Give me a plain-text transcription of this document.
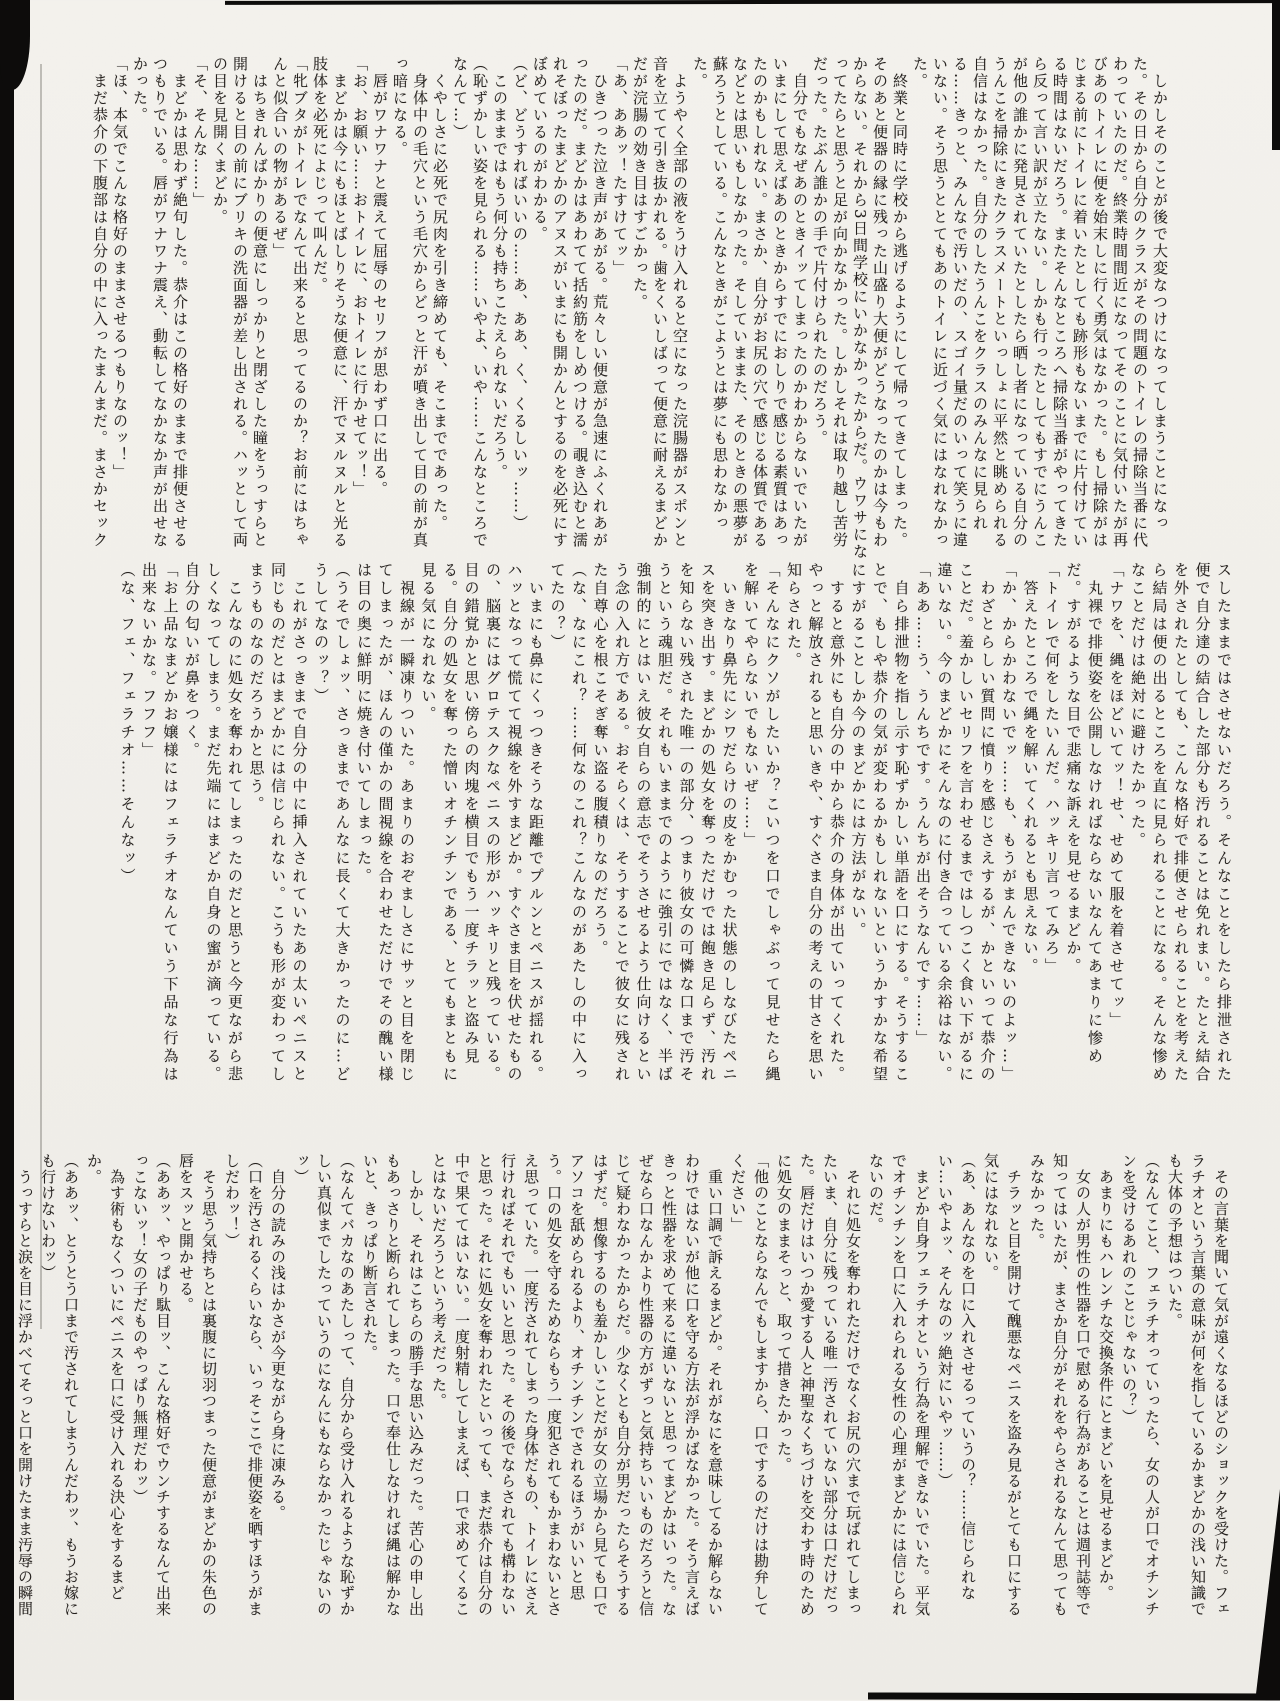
　しかしそのことが後で大変なつけになってしまうことになった。その日から自分のクラスがその問題のトイレの掃除当番に代わっていたのだ。終業時間間近になってそのことに気付いたが再びあのトイレに便を始末しに行く勇気はなかった。もし掃除がはじまる前にトイレに着いたとしても跡形もないまでに片付けている時間はないだろう。またそんなところへ掃除当番がやってきたら反って言い訳が立たない。しかも行ったとしてもすでにうんこが他の誰かに発見されていたとしたら晒し者になっている自分のうんこを掃除にきたクラスメートといっしょに平然と眺められる自信はなかった。自分のしたうんこをクラスのみんなに見られる……きっと、みんなで汚いだの、スゴイ量だのいって笑うに違いない。そう思うととてもあのトイレに近づく気にはなれなかった。

　終業と同時に学校から逃げるようにして帰ってきてしまった。そのあと便器の縁に残った山盛り大便がどうなったのかは今もわからない。それから3日間学校にいかなかったからだ。ウワサになってたらと思うと足が向かなかった。しかしそれは取り越し苦労だった。たぶん誰かの手で片付けられたのだろう。

　自分でもなぜあのときイッてしまったのかわからないでいたがいまにして思えばあのときからすでにおしりで感じる素質はあったのかもしれない。まさか、自分がお尻の穴で感じる体質であるなどとは思いもしなかった。そしていままた、そのときの悪夢が蘇ろうとしている。こんなときがこようとは夢にも思わなかった。

　ようやく全部の液をうけ入れると空になった浣腸器がスポンと音を立てて引き抜かれる。歯をくいしばって便意に耐えるまどかだが浣腸の効き目はすごかった。

「あ、ああッ！たすけてッ」

　ひきつった泣き声があがる。荒々しい便意が急速にふくれあがったのだ。まどかはあわてて括約筋をしめつける。覗き込むと濡れそぼったまどかのアヌスがいまにも開かんとするのを必死にすぼめているのがわかる。

（ど、どうすればいいの……あ、ああ、く、くるしいッ……）

　このままではもう何分も持ちこたえられないだろう。

（恥ずかしい姿を見られる……いやよ、いや……こんなところでなんて…）

　くやしさに必死で尻肉を引き締めても、そこまでであった。

　身体中の毛穴という毛穴からどっと汗が噴き出して目の前が真っ暗になる。

　唇がワナワナと震えて屈辱のセリフが思わず口に出る。

「お、お願い……おトイレに、おトイレに行かせてッ！」

　まどかは今にもほとばしりそうな便意に、汗でヌルヌルと光る肢体を必死によじって叫んだ。

「牝ブタがトイレでなんて出来ると思ってるのか？お前にはちゃんと似合いの物があるぜ」

　はちきれんばかりの便意にしっかりと閉ざした瞳をうっすらと開けると目の前にブリキの洗面器が差し出される。ハッとして両の目を見開くまどか。

「そ、そんな……」

　まどかは思わず絶句した。恭介はこの格好のままで排便させるつもりでいる。唇がワナワナ震え、動転してなかなか声が出せなかった。

「ほ、本気でこんな格好のままさせるつもりなのッ！」

　まだ恭介の下腹部は自分の中に入ったまんまだ。まさかセック

スしたままではさせないだろう。そんなことをしたら排泄された便で自分達の結合した部分も汚れることは免れまい。たとえ結合を外されたとしても、こんな格好で排便させられることを考えたら結局は便の出るところを直に見られることになる。そんな惨めなことだけは絶対に避けたかった。

「ナワを、縄をほどいてッ！せ、せめて服を着させてッ」

　丸裸で排便姿を公開しなければならないなんてあまりに惨めだ。すがるような目で悲痛な訴えを見せるまどか。

「トイレで何をしたいんだ。ハッキリ言ってみろ」

　答えたところで縄を解いてくれるとも思えない。

「か、からかわないでッ……も、もうがまんできないのよッ…」

　わざとらしい質問に憤りを感じさえするが、かといって恭介のことだ。羞かしいセリフを言わせるまではしつこく食い下がるに違いない。今のまどかにそんなのに付き合っている余裕はない。

「ああ……う、うんちです。うんちが出そうなんです……」

　自ら排泄物を指し示す恥ずかしい単語を口にする。そうすることで、もしや恭介の気が変わるかもしれないというかすかな希望にすがることしか今のまどかには方法がない。

　すると意外にも自分の中から恭介の身体が出ていってくれた。やっと解放されると思いきや、すぐさま自分の考えの甘さを思い知らされた。

「そんなにクソがしたいか？こいつを口でしゃぶって見せたら縄を解いてやらないでもないぜ……」

　いきなり鼻先にシワだらけの皮をかむった状態のしなびたペニスを突き出す。まどかの処女を奪っただけでは飽き足らず、汚れを知らない残された唯一の部分、つまり彼女の可憐な口まで汚そうという魂胆だ。それもいままでのように強引にではなく、半ば強制的にとはいえ彼女自らの意志でそうさせるよう仕向けるという念の入れ方である。おそらくは、そうすることで彼女に残された自尊心を根こそぎ奪い盗る腹積りなのだろう。

（な、なにこれ？……何なのこれ？こんなのがあたしの中に入ってたの？）

　いまにも鼻にくっつきそうな距離でプルンとペニスが揺れる。ハッとなって慌てて視線を外すまどか。すぐさま目を伏せたものの、脳裏にはグロテスクなペニスの形がハッキリと残っている。目の錯覚かと思い傍らの肉塊を横目でもう一度チラッと盗み見る。自分の処女を奪った憎いオチンチンである、とてもまともに見る気になれない。

　視線が一瞬凍りついた。あまりのおぞましさにサッと目を閉じてしまったが、ほんの僅かの間視線を合わせただけでその醜い様は目の奥に鮮明に焼き付いてしまった。

（うそでしょッ、さっきまであんなに長くて大きかったのに…どうしてなのッ？）

　これがさっきまで自分の中に挿入されていたあの太いペニスと同じものだとはまどかには信じられない。こうも形が変わってしまうものなのだろうかと思う。

　こんなのに処女を奪われてしまったのだと思うと今更ながら悲しくなってしまう。まだ先端にはまどか自身の蜜が滴っている。自分の匂いが鼻をつく。

「お上品なまどかお嬢様にはフェラチオなんていう下品な行為は出来ないかな。フフフ」

（な、フェ、フェラチオ……そんなッ）

　その言葉を聞いて気が遠くなるほどのショックを受けた。フェラチオという言葉の意味が何を指しているかまどかの浅い知識でも大体の予想はついた。

（なんてこと、フェラチオっていったら、女の人が口でオチンチンを受けるあれのことじゃないの？）

　あまりにもハレンチな交換条件にとまどいを見せるまどか。

　女の人が男性の性器を口で慰める行為があることは週刊誌等で知ってはいたが、まさか自分がそれをやらされるなんて思ってもみなかった。

　チラッと目を開けて醜悪なペニスを盗み見るがとても口にする気にはなれない。

（あ、あんなのを口に入れさせるっていうの？……信じられない…いやよッ、そんなのッ絶対にいやッ……）

　まどか自身フェラチオという行為を理解できないでいた。平気でオチンチンを口に入れられる女性の心理がまどかには信じられないのだ。

　それに処女を奪われただけでなくお尻の穴まで玩ばれてしまったいま、自分に残っている唯一汚されていない部分は口だけだった。唇だけはいつか愛する人と神聖なくちづけを交わす時のために処女のままそっと、取って措きたかった。

「他のことならなんでもしますから、口でするのだけは勘弁してください」

　重い口調で訴えるまどか。それがなにを意味してるか解らないわけではないが他に口を守る方法が浮かばなかった。そう言えばきっと性器を求めて来るに違いないと思ってまどかはいった。なぜなら口なんかより性器の方がずっと気持ちいいものだろうと信じて疑わなかったからだ。少なくとも自分が男だったらそうするはずだ。想像するのも羞かしいことだが女の立場から見ても口でアソコを舐められるより、オチンチンでされるほうがいいと思う。口の処女を守るためならもう一度犯されてもかまわないとさえ思っていた。一度汚されてしまった身体だもの、トイレにさえ行ければそれでもいいと思った。その後でならされても構わないと思った。それに処女を奪われたといっても、まだ恭介は自分の中で果ててはいない。一度射精してしまえば、口で求めてくることはないだろうという考えだった。

　しかし、それはこちらの勝手な思い込みだった。苦心の申し出もあっさりと断られてしまった。口で奉仕しなければ縄は解かないと、きっぱり断言された。

（なんてバカなのあたしって、自分から受け入れるような恥ずかしい真似までしたっていうのになんにもならなかったじゃないのッ）

　自分の読みの浅はかさが今更ながら身に凍みる。

（口を汚されるくらいなら、いっそここで排便姿を晒すほうがましだわッ！）

　そう思う気持ちとは裏腹に切羽つまった便意がまどかの朱色の唇をスッと開かせる。

（ああッ、やっぱり駄目ッ、こんな格好でウンチするなんて出来っこないッ！女の子だものやっぱり無理だわッ）

　為す術もなくついにペニスを口に受け入れる決心をするまどか。

（ああッ、とうとう口まで汚されてしまうんだわッ、もうお嫁にも行けないわッ）

　うっすらと涙を目に浮かべてそっと口を開けたまま汚辱の瞬間
